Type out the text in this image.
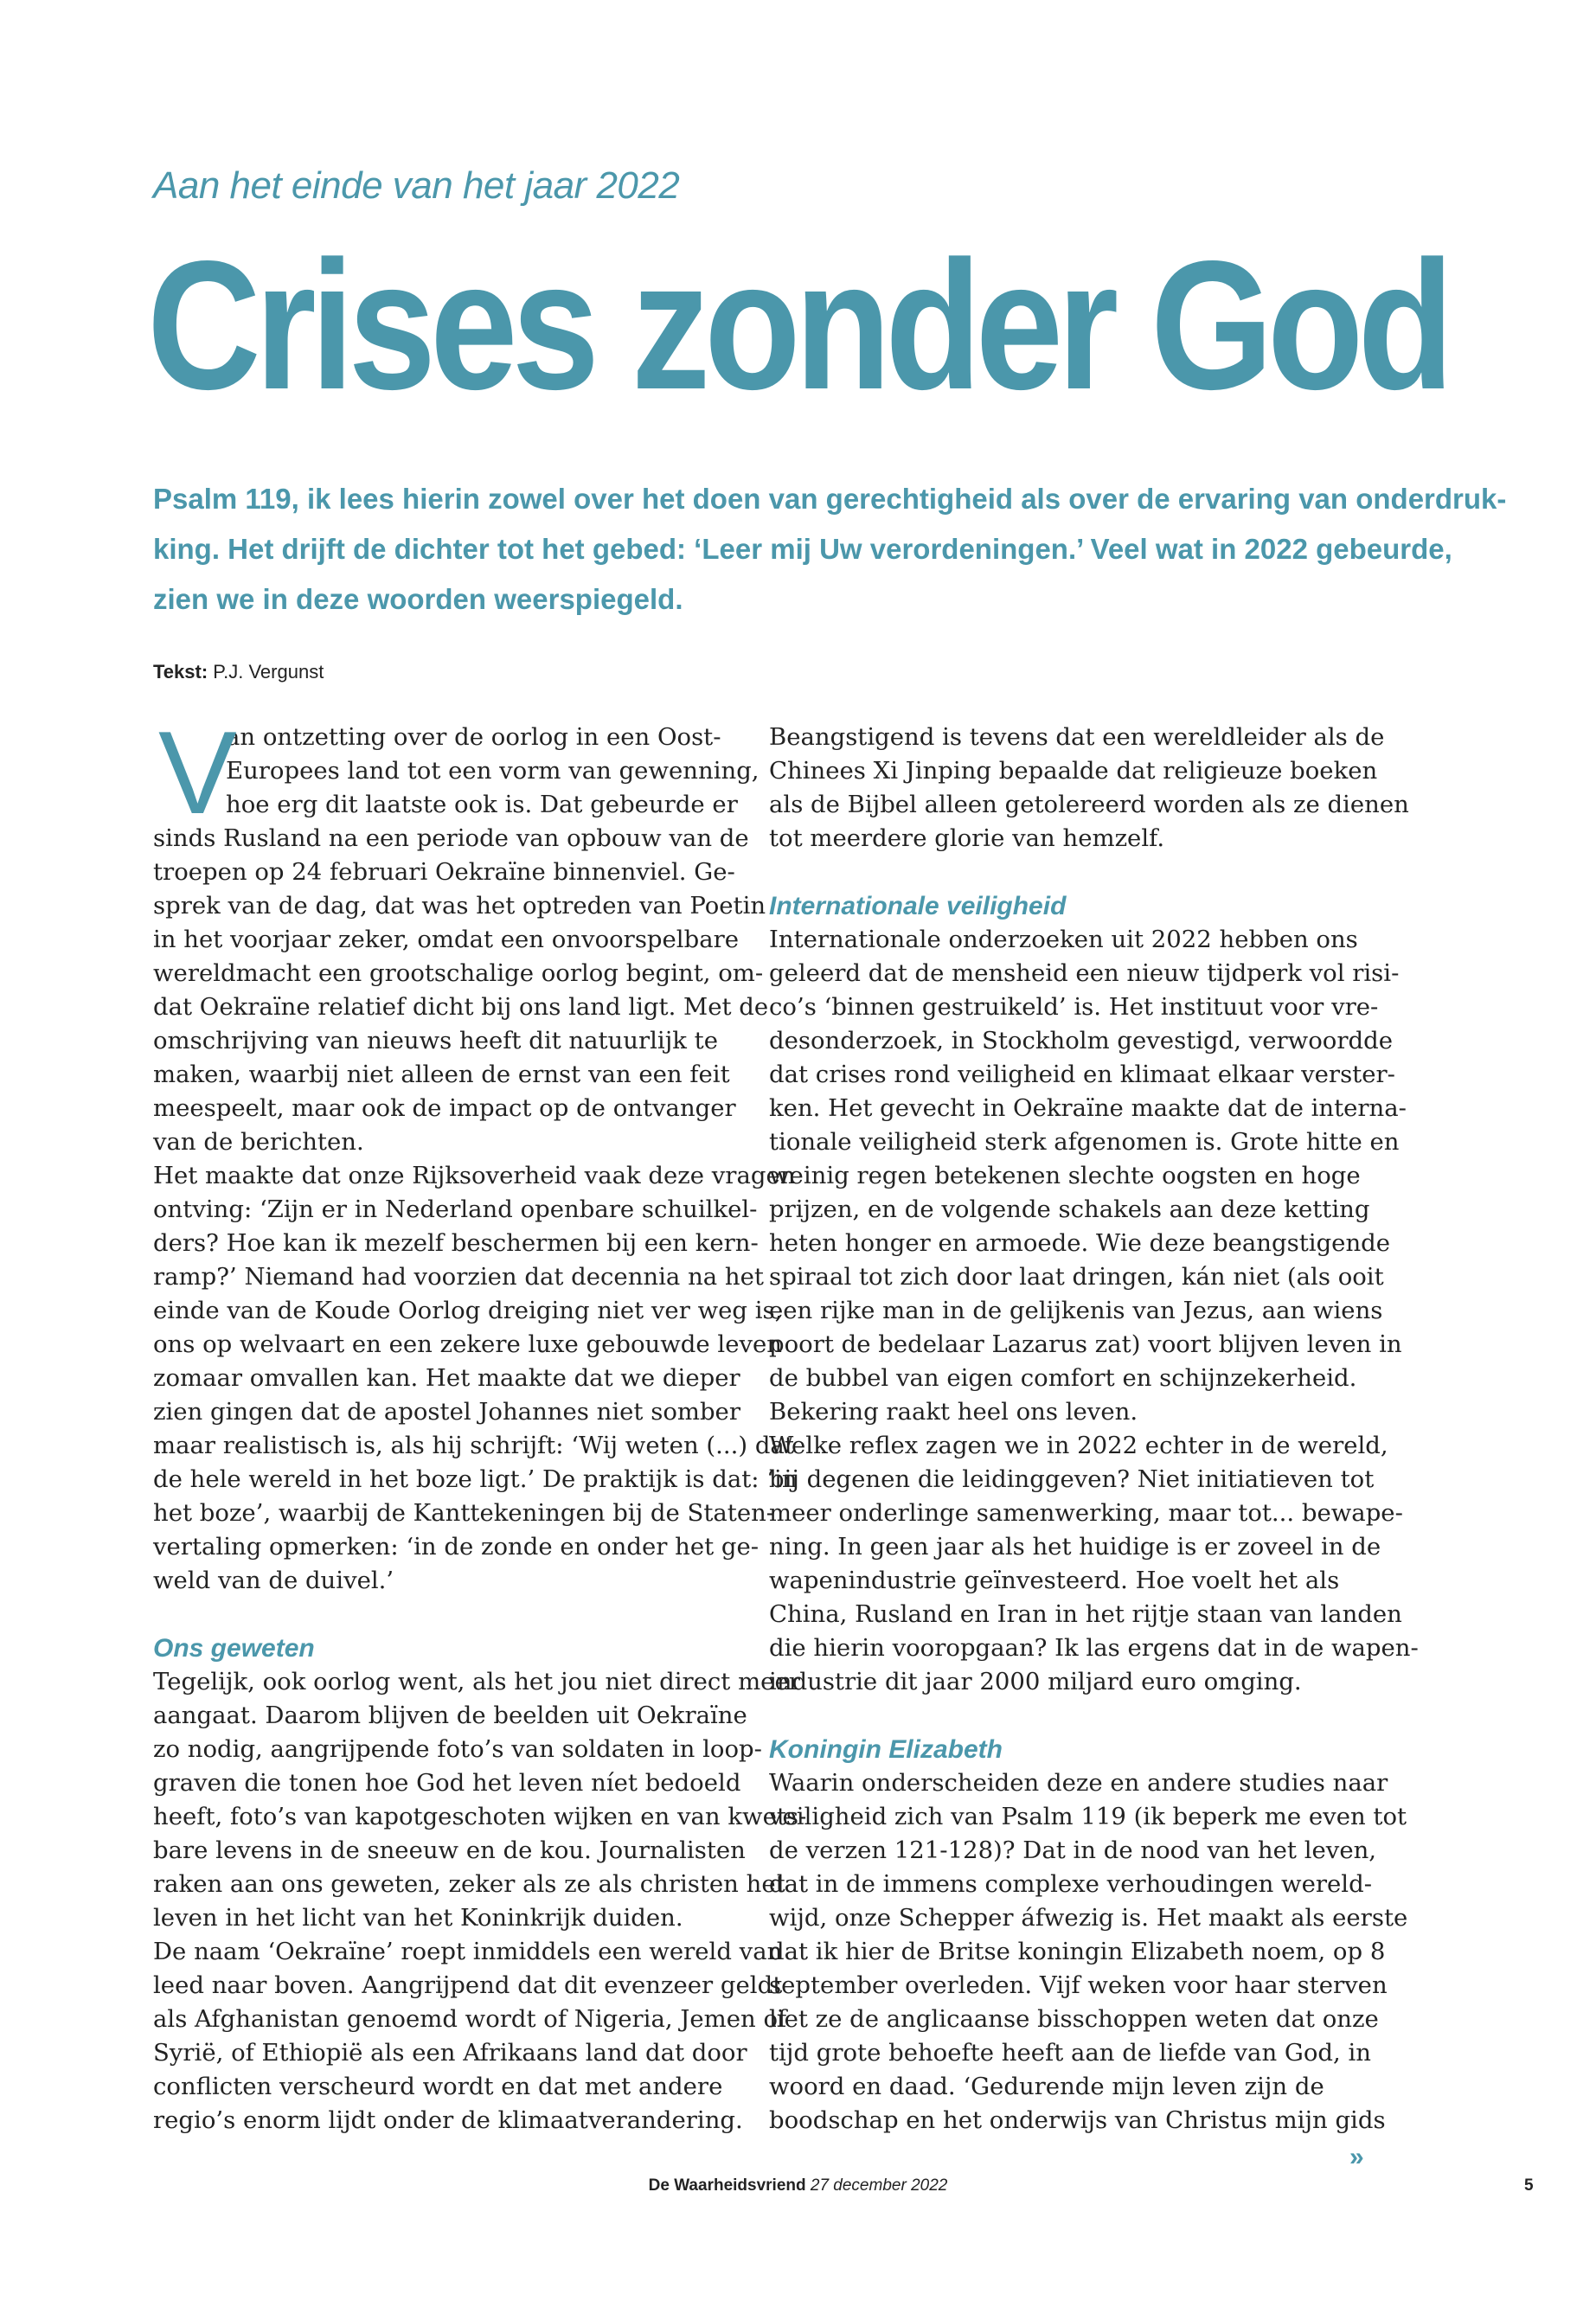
Aan het einde van het jaar 2022
Crises zonder God
Psalm 119, ik lees hierin zowel over het doen van gerechtigheid als over de ervaring van onderdruk-
king. Het drijft de dichter tot het gebed: ‘Leer mij Uw verordeningen.’ Veel wat in 2022 gebeurde,
zien we in deze woorden weerspiegeld.
Tekst: P.J. Vergunst
V
an ontzetting over de oorlog in een Oost-
Europees land tot een vorm van gewenning,
hoe erg dit laatste ook is. Dat gebeurde er
sinds Rusland na een periode van opbouw van de
troepen op 24 februari Oekraïne binnenviel. Ge-
sprek van de dag, dat was het optreden van Poetin
in het voorjaar zeker, omdat een onvoorspelbare
wereldmacht een grootschalige oorlog begint, om-
dat Oekraïne relatief dicht bij ons land ligt. Met de
omschrijving van nieuws heeft dit natuurlijk te
maken, waarbij niet alleen de ernst van een feit
meespeelt, maar ook de impact op de ontvanger
van de berichten.
Het maakte dat onze Rijksoverheid vaak deze vragen
ontving: ‘Zijn er in Nederland openbare schuilkel-
ders? Hoe kan ik mezelf beschermen bij een kern-
ramp?’ Niemand had voorzien dat decennia na het
einde van de Koude Oorlog dreiging niet ver weg is,
ons op welvaart en een zekere luxe gebouwde leven
zomaar omvallen kan. Het maakte dat we dieper
zien gingen dat de apostel Johannes niet somber
maar realistisch is, als hij schrijft: ‘Wij weten (...) dat
de hele wereld in het boze ligt.’ De praktijk is dat: ‘in
het boze’, waarbij de Kanttekeningen bij de Staten-
vertaling opmerken: ‘in de zonde en onder het ge-
weld van de duivel.’
Ons geweten
Tegelijk, ook oorlog went, als het jou niet direct meer
aangaat. Daarom blijven de beelden uit Oekraïne
zo nodig, aangrijpende foto’s van soldaten in loop-
graven die tonen hoe God het leven níet bedoeld
heeft, foto’s van kapotgeschoten wijken en van kwets-
bare levens in de sneeuw en de kou. Journalisten
raken aan ons geweten, zeker als ze als christen het
leven in het licht van het Koninkrijk duiden.
De naam ‘Oekraïne’ roept inmiddels een wereld van
leed naar boven. Aangrijpend dat dit evenzeer geldt
als Afghanistan genoemd wordt of Nigeria, Jemen of
Syrië, of Ethiopië als een Afrikaans land dat door
conflicten verscheurd wordt en dat met andere
regio’s enorm lijdt onder de klimaatverandering.
Beangstigend is tevens dat een wereldleider als de
Chinees Xi Jinping bepaalde dat religieuze boeken
als de Bijbel alleen getolereerd worden als ze dienen
tot meerdere glorie van hemzelf.
Internationale veiligheid
Internationale onderzoeken uit 2022 hebben ons
geleerd dat de mensheid een nieuw tijdperk vol risi-
co’s ‘binnen gestruikeld’ is. Het instituut voor vre-
desonderzoek, in Stockholm gevestigd, verwoordde
dat crises rond veiligheid en klimaat elkaar verster-
ken. Het gevecht in Oekraïne maakte dat de interna-
tionale veiligheid sterk afgenomen is. Grote hitte en
weinig regen betekenen slechte oogsten en hoge
prijzen, en de volgende schakels aan deze ketting
heten honger en armoede. Wie deze beangstigende
spiraal tot zich door laat dringen, kán niet (als ooit
een rijke man in de gelijkenis van Jezus, aan wiens
poort de bedelaar Lazarus zat) voort blijven leven in
de bubbel van eigen comfort en schijnzekerheid.
Bekering raakt heel ons leven.
Welke reflex zagen we in 2022 echter in de wereld,
bij degenen die leidinggeven? Niet initiatieven tot
meer onderlinge samenwerking, maar tot... bewape-
ning. In geen jaar als het huidige is er zoveel in de
wapenindustrie geïnvesteerd. Hoe voelt het als
China, Rusland en Iran in het rijtje staan van landen
die hierin vooropgaan? Ik las ergens dat in de wapen-
industrie dit jaar 2000 miljard euro omging.
Koningin Elizabeth
Waarin onderscheiden deze en andere studies naar
veiligheid zich van Psalm 119 (ik beperk me even tot
de verzen 121-128)? Dat in de nood van het leven,
dat in de immens complexe verhoudingen wereld-
wijd, onze Schepper áfwezig is. Het maakt als eerste
dat ik hier de Britse koningin Elizabeth noem, op 8
september overleden. Vijf weken voor haar sterven
liet ze de anglicaanse bisschoppen weten dat onze
tijd grote behoefte heeft aan de liefde van God, in
woord en daad. ‘Gedurende mijn leven zijn de
boodschap en het onderwijs van Christus mijn gids
»
De Waarheidsvriend 27 december 2022	5
